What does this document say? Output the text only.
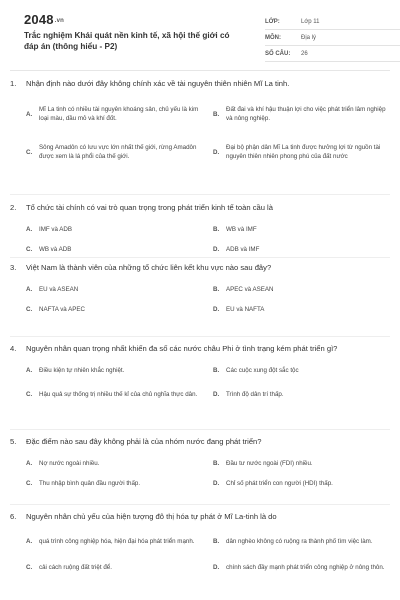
2048.vn
Trắc nghiệm Khái quát nền kinh tế, xã hội thế giới có đáp án (thông hiểu - P2)
LỚP:	Lớp 11
MÔN:	Địa lý
SỐ CÂU:	26
1.	Nhận định nào dưới đây không chính xác về tài nguyên thiên nhiên Mĩ La tinh.
A.
Mĩ La tinh có nhiều tài nguyên khoáng sản, chủ yếu là kim loại màu, dầu mỏ và khí đốt.
B.
Đất đai và khí hậu thuận lợi cho việc phát triển lâm nghiệp và nông nghiệp.
C.
Sông Amadôn có lưu vực lớn nhất thế giới, rừng Amadôn được xem là lá phổi của thế giới.
D.
Đại bộ phận dân Mĩ La tinh được hưởng lợi từ nguồn tài nguyên thiên nhiên phong phú của đất nước
2.	Tổ chức tài chính có vai trò quan trọng trong phát triển kinh tế toàn cầu là
A.	IMF và ADB	B.	WB và IMF
C.	WB và ADB	D.	ADB và IMF
3.	Việt Nam là thành viên của những tổ chức liên kết khu vực nào sau đây?
A.	EU và ASEAN	B.	APEC và ASEAN
C.	NAFTA và APEC	D.	EU và NAFTA
4.	Nguyên nhân quan trọng nhất khiến đa số các nước châu Phi ở tình trạng kém phát triển gì?
A.	Điều kiện tự nhiên khắc nghiệt.	B.	Các cuộc xung đột sắc tộc
C.	Hậu quả sự thống trị nhiều thế kỉ của chủ nghĩa thực dân.	D.	Trình độ dân trí thấp.
5.	Đặc điểm nào sau đây không phải là của nhóm nước đang phát triển?
A.	Nợ nước ngoài nhiều.	B.	Đầu tư nước ngoài (FDI) nhiều.
C.	Thu nhập bình quân đầu người thấp.	D.	Chỉ số phát triển con người (HDI) thấp.
6.	Nguyên nhân chủ yếu của hiện tượng đô thị hóa tự phát ở Mĩ La-tinh là do
A.	quá trình công nghiệp hóa, hiện đại hóa phát triển mạnh.	B.	dân nghèo không có ruộng ra thành phố tìm việc làm.
C.	cải cách ruộng đất triệt để.	D.	chính sách đầy mạnh phát triển công nghiệp ở nông thôn.
